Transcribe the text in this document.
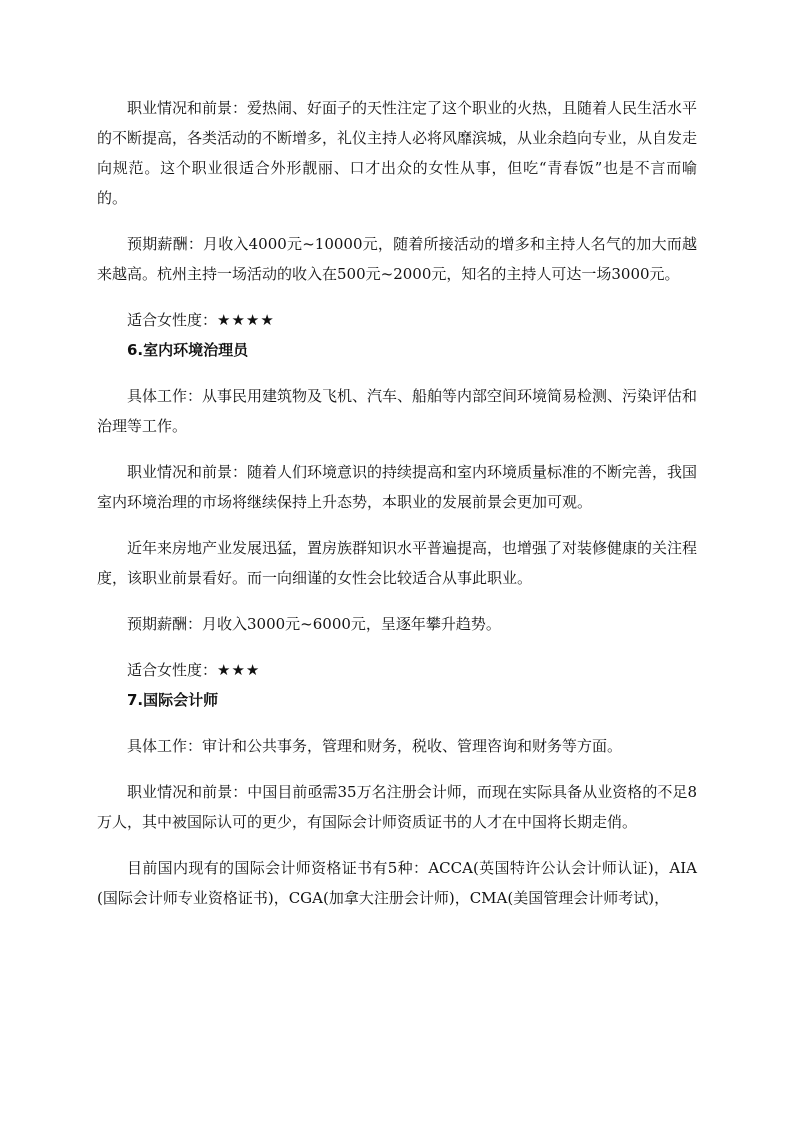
职业情况和前景：爱热闹、好面子的天性注定了这个职业的火热，且随着人民生活水平的不断提高，各类活动的不断增多，礼仪主持人必将风靡滨城，从业余趋向专业，从自发走向规范。这个职业很适合外形靓丽、口才出众的女性从事，但吃“青春饭”也是不言而喻的。

预期薪酬：月收入4000元~10000元，随着所接活动的增多和主持人名气的加大而越来越高。杭州主持一场活动的收入在500元~2000元，知名的主持人可达一场3000元。

适合女性度：★★★★

6.室内环境治理员

具体工作：从事民用建筑物及飞机、汽车、船舶等内部空间环境简易检测、污染评估和治理等工作。

职业情况和前景：随着人们环境意识的持续提高和室内环境质量标准的不断完善，我国室内环境治理的市场将继续保持上升态势，本职业的发展前景会更加可观。

近年来房地产业发展迅猛，置房族群知识水平普遍提高，也增强了对装修健康的关注程度，该职业前景看好。而一向细谨的女性会比较适合从事此职业。

预期薪酬：月收入3000元~6000元，呈逐年攀升趋势。

适合女性度：★★★

7.国际会计师

具体工作：审计和公共事务，管理和财务，税收、管理咨询和财务等方面。

职业情况和前景：中国目前亟需35万名注册会计师，而现在实际具备从业资格的不足8万人，其中被国际认可的更少，有国际会计师资质证书的人才在中国将长期走俏。

目前国内现有的国际会计师资格证书有5种：ACCA(英国特许公认会计师认证)，AIA(国际会计师专业资格证书)，CGA(加拿大注册会计师)，CMA(美国管理会计师考试)，
